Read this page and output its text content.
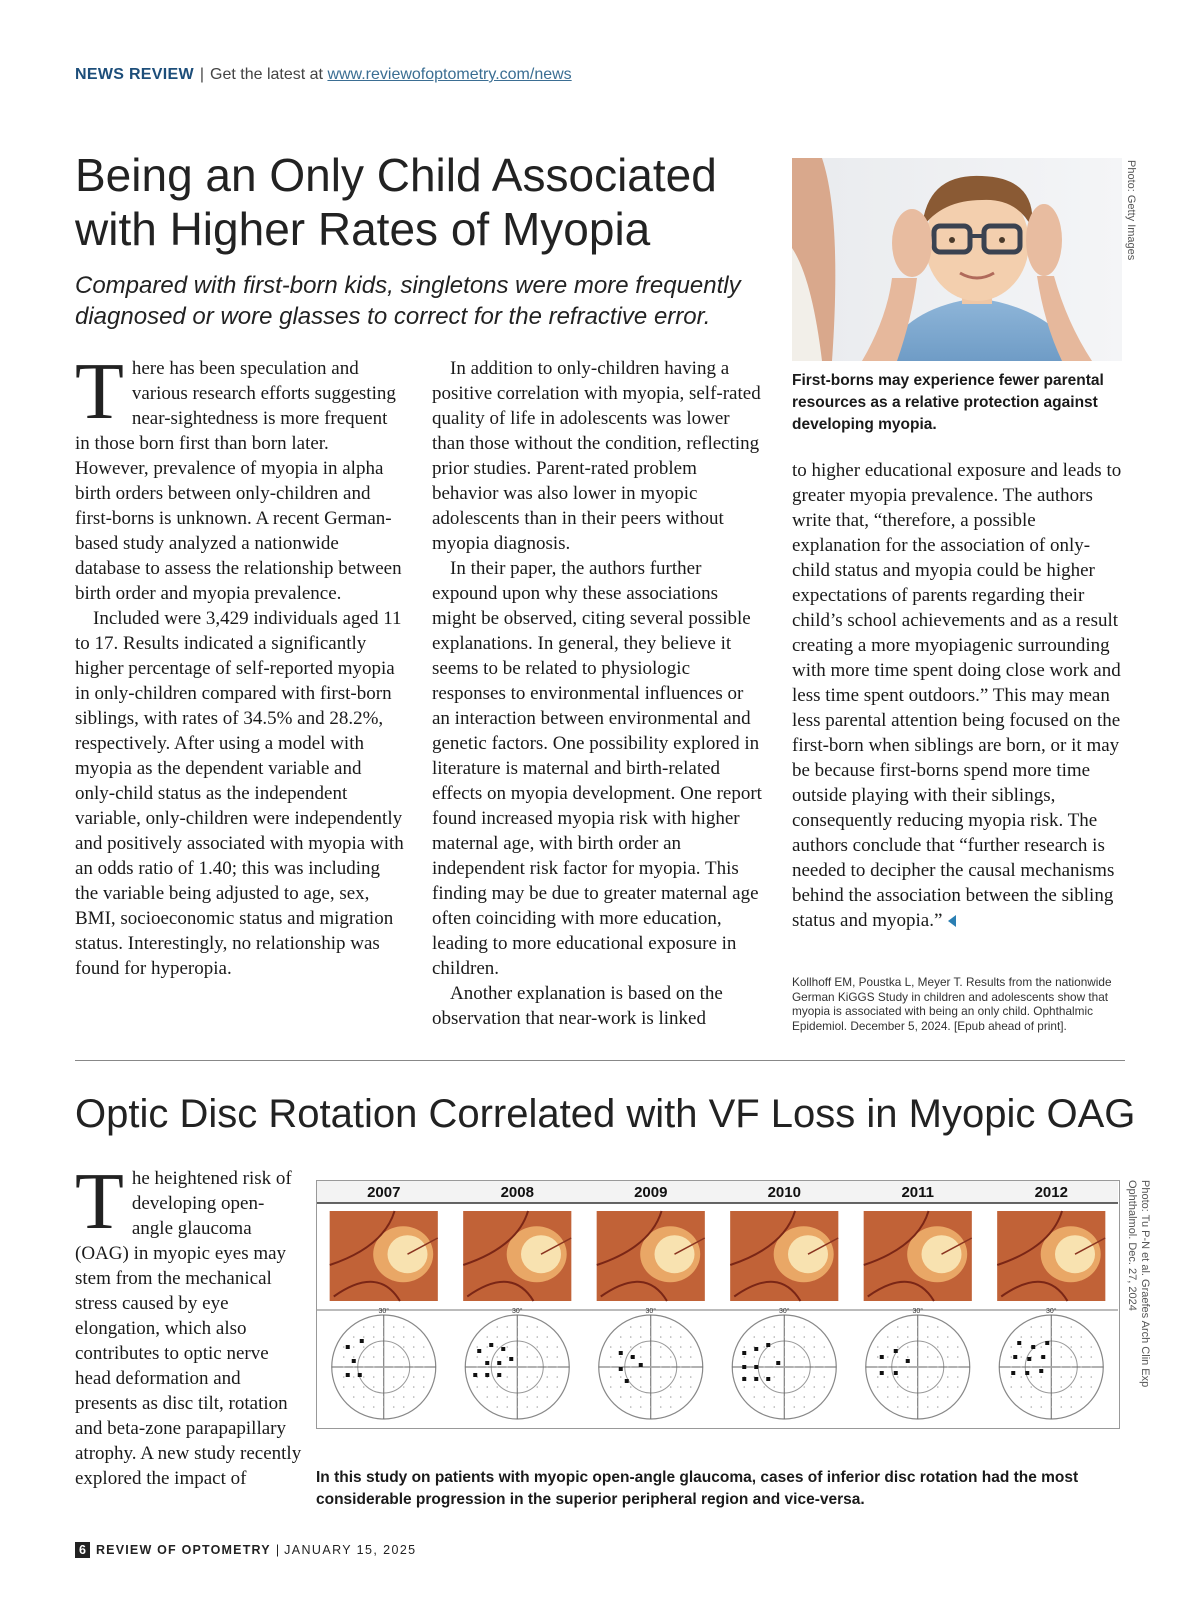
NEWS REVIEW | Get the latest at www.reviewofoptometry.com/news
Being an Only Child Associated with Higher Rates of Myopia
Compared with first-born kids, singletons were more frequently diagnosed or wore glasses to correct for the refractive error.

There has been speculation and various research efforts suggesting near-sightedness is more frequent in those born first than born later. However, prevalence of myopia in alpha birth orders between only-children and first-borns is unknown. A recent German-based study analyzed a nationwide database to assess the relationship between birth order and myopia prevalence.

Included were 3,429 individuals aged 11 to 17. Results indicated a significantly higher percentage of self-reported myopia in only-children compared with first-born siblings, with rates of 34.5% and 28.2%, respectively. After using a model with myopia as the dependent variable and only-child status as the independent variable, only-children were independently and positively associated with myopia with an odds ratio of 1.40; this was including the variable being adjusted to age, sex, BMI, socioeconomic status and migration status. Interestingly, no relationship was found for hyperopia.

In addition to only-children having a positive correlation with myopia, self-rated quality of life in adolescents was lower than those without the condition, reflecting prior studies. Parent-rated problem behavior was also lower in myopic adolescents than in their peers without myopia diagnosis.

In their paper, the authors further expound upon why these associations might be observed, citing several possible explanations. In general, they believe it seems to be related to physiologic responses to environmental influences or an interaction between environmental and genetic factors. One possibility explored in literature is maternal and birth-related effects on myopia development. One report found increased myopia risk with higher maternal age, with birth order an independent risk factor for myopia. This finding may be due to greater maternal age often coinciding with more education, leading to more educational exposure in children.

Another explanation is based on the observation that near-work is linked

Photo: Getty Images
First-borns may experience fewer parental resources as a relative protection against developing myopia.

to higher educational exposure and leads to greater myopia prevalence. The authors write that, “therefore, a possible explanation for the association of only-child status and myopia could be higher expectations of parents regarding their child’s school achievements and as a result creating a more myopiagenic surrounding with more time spent doing close work and less time spent outdoors.” This may mean less parental attention being focused on the first-born when siblings are born, or it may be because first-borns spend more time outside playing with their siblings, consequently reducing myopia risk. The authors conclude that “further research is needed to decipher the causal mechanisms behind the association between the sibling status and myopia.”

Kollhoff EM, Poustka L, Meyer T. Results from the nationwide German KiGGS Study in children and adolescents show that myopia is associated with being an only child. Ophthalmic Epidemiol. December 5, 2024. [Epub ahead of print].
Optic Disc Rotation Correlated with VF Loss in Myopic OAG

The heightened risk of developing open-angle glaucoma (OAG) in myopic eyes may stem from the mechanical stress caused by eye elongation, which also contributes to optic nerve head deformation and presents as disc tilt, rotation and beta-zone parapapillary atrophy. A new study recently explored the impact of

2007	2008	2009	2010	2011	2012
30°	30°	30°	30°	30°	30°	Photo: Tu P-N et al. Graefes Arch Clin Exp Ophthalmol. Dec. 27, 2024
In this study on patients with myopic open-angle glaucoma, cases of inferior disc rotation had the most considerable progression in the superior peripheral region and vice-versa.
6 REVIEW OF OPTOMETRY | JANUARY 15, 2025
